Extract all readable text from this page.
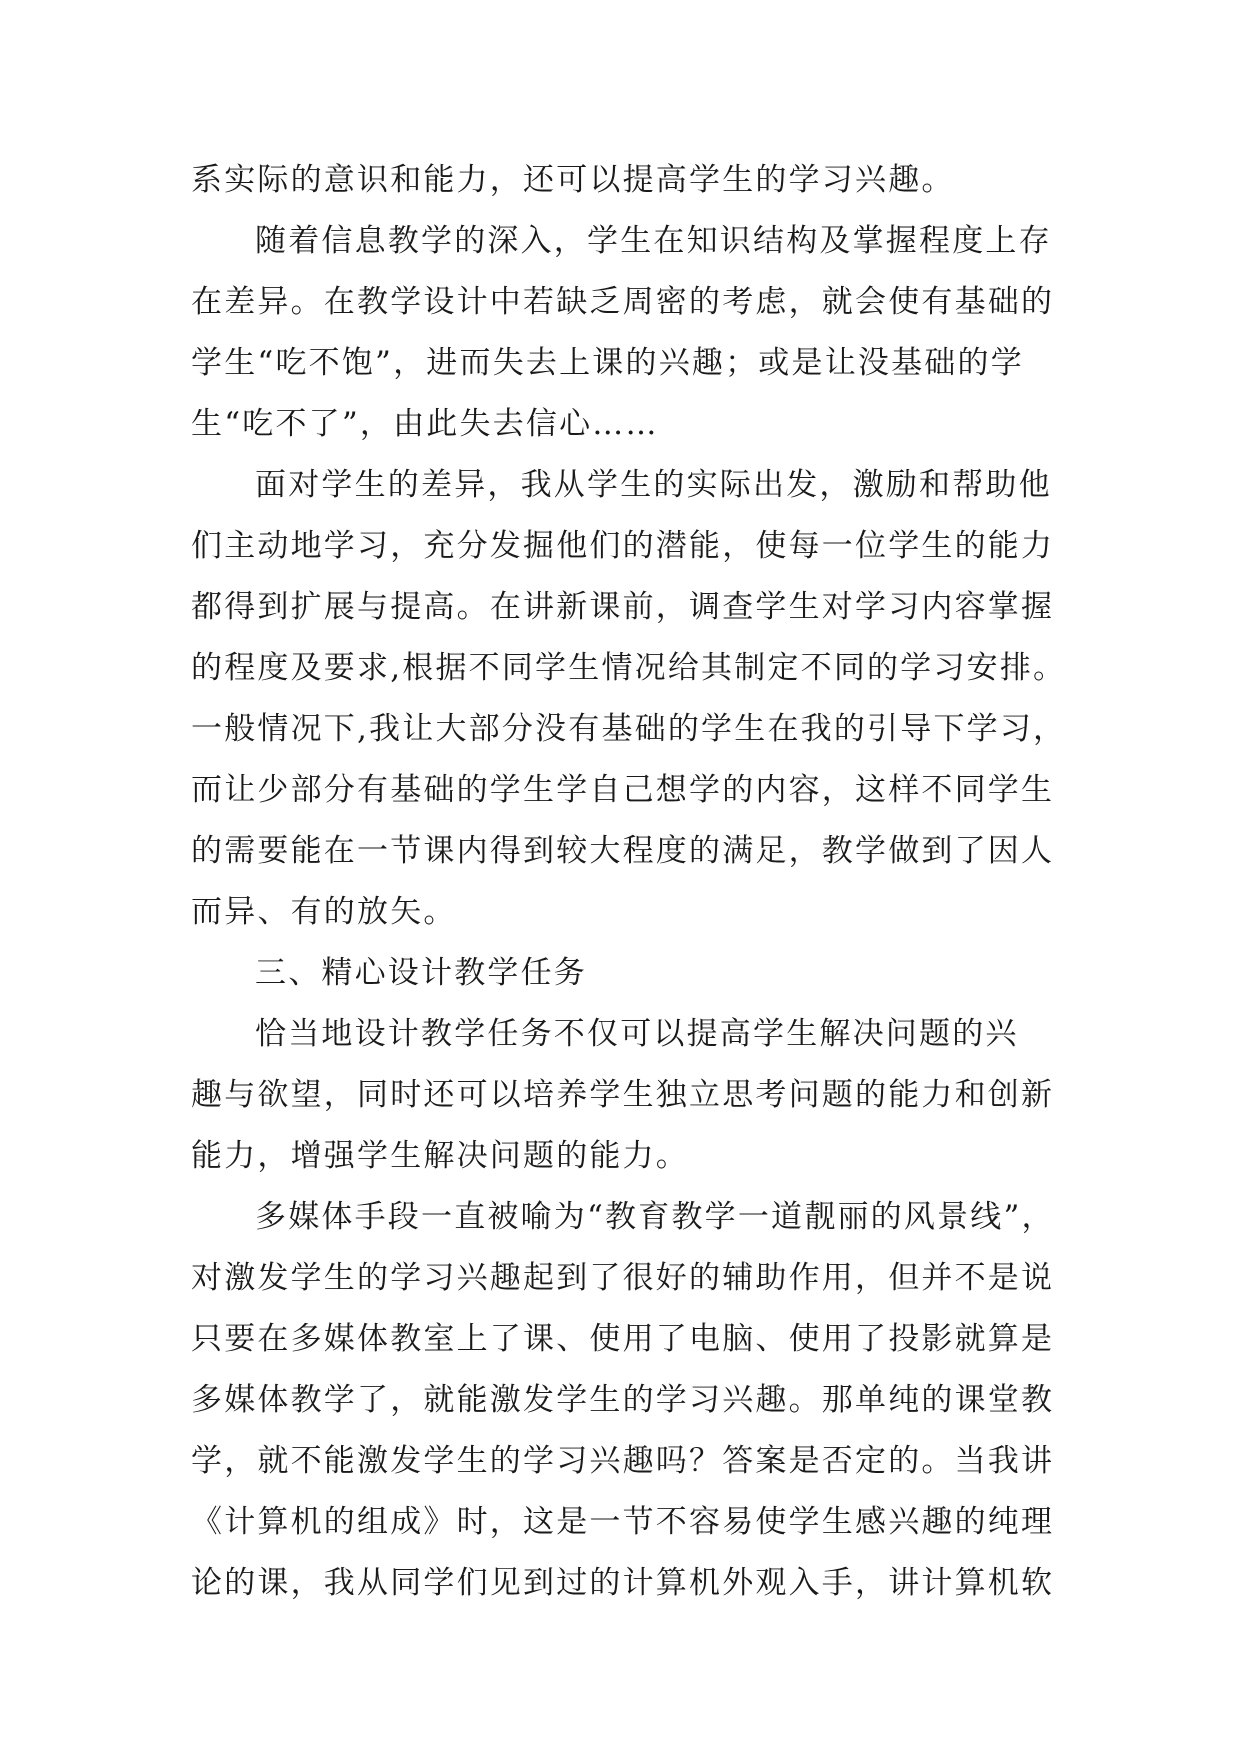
系实际的意识和能力，还可以提高学生的学习兴趣。
随着信息教学的深入，学生在知识结构及掌握程度上存
在差异。在教学设计中若缺乏周密的考虑，就会使有基础的
学生“吃不饱”，进而失去上课的兴趣；或是让没基础的学
生“吃不了”，由此失去信心……
面对学生的差异，我从学生的实际出发，激励和帮助他
们主动地学习，充分发掘他们的潜能，使每一位学生的能力
都得到扩展与提高。在讲新课前，调查学生对学习内容掌握
的程度及要求,根据不同学生情况给其制定不同的学习安排。
一般情况下,我让大部分没有基础的学生在我的引导下学习，
而让少部分有基础的学生学自己想学的内容，这样不同学生
的需要能在一节课内得到较大程度的满足，教学做到了因人
而异、有的放矢。
三、精心设计教学任务
恰当地设计教学任务不仅可以提高学生解决问题的兴
趣与欲望，同时还可以培养学生独立思考问题的能力和创新
能力，增强学生解决问题的能力。
多媒体手段一直被喻为“教育教学一道靓丽的风景线”，
对激发学生的学习兴趣起到了很好的辅助作用，但并不是说
只要在多媒体教室上了课、使用了电脑、使用了投影就算是
多媒体教学了，就能激发学生的学习兴趣。那单纯的课堂教
学，就不能激发学生的学习兴趣吗？答案是否定的。当我讲
《计算机的组成》时，这是一节不容易使学生感兴趣的纯理
论的课，我从同学们见到过的计算机外观入手，讲计算机软
